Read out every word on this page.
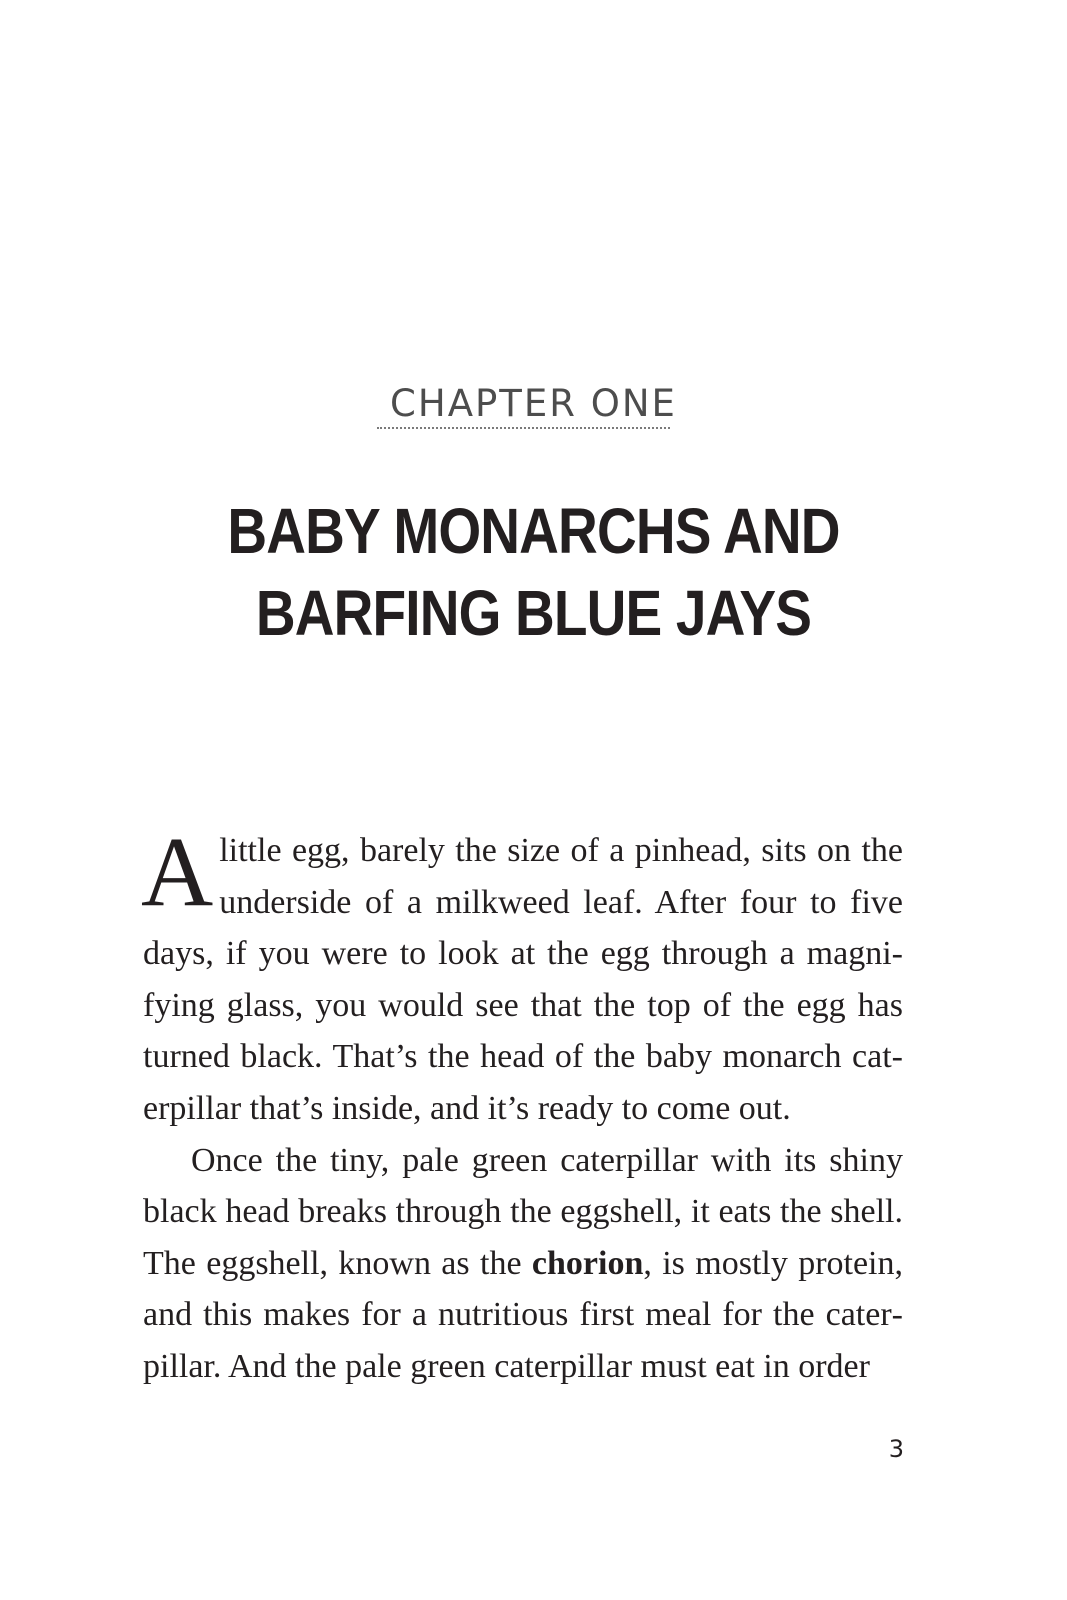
CHAPTER ONE
BABY MONARCHS AND
BARFING BLUE JAYS

A little egg, barely the size of a pinhead, sits on the underside of a milkweed leaf. After four to five days, if you were to look at the egg through a magnifying glass, you would see that the top of the egg has turned black. That’s the head of the baby monarch caterpillar that’s inside, and it’s ready to come out.

Once the tiny, pale green caterpillar with its shiny black head breaks through the eggshell, it eats the shell. The eggshell, known as the chorion, is mostly protein, and this makes for a nutritious first meal for the caterpillar. And the pale green caterpillar must eat in order

3
